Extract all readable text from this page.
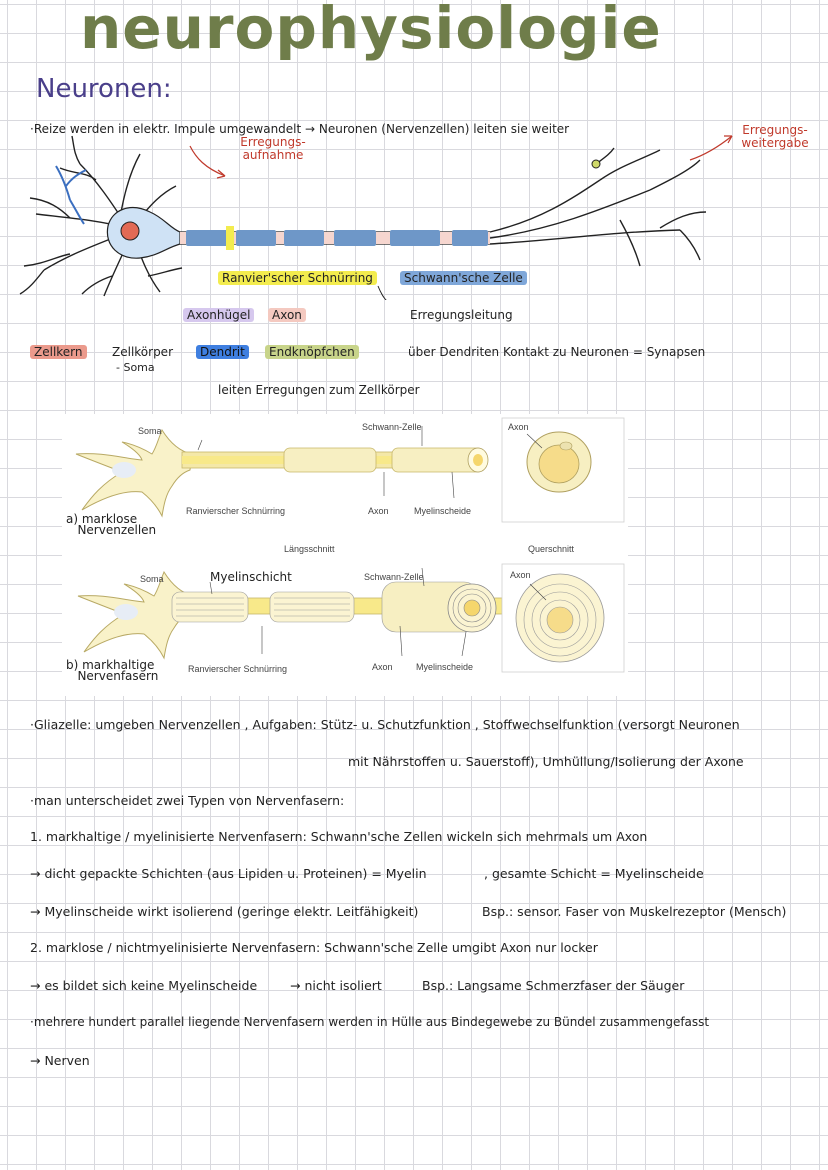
neurophysiologie
Neuronen:
·Reize werden in elektr. Impule umgewandelt → Neuronen (Nervenzellen) leiten sie weiter
Erregungs-
aufnahme
Erregungs-
weitergabe
Ranvier'scher Schnürring	Schwann'sche Zelle
Erregungsleitung
Axonhügel	Axon
Zellkern	Zellkörper
- Soma
Dendrit	Endknöpfchen	über Dendriten Kontakt zu Neuronen = Synapsen
leiten Erregungen zum Zellkörper
Soma	Schwann-Zelle	Axon
Ranvierscher Schnürring	Axon	Myelinscheide
a) marklose
Nervenzellen
Längsschnitt	Querschnitt
Soma	Myelinschicht	Schwann-Zelle	Axon
Ranvierscher Schnürring	Axon	Myelinscheide
b) markhaltige
Nervenfasern
·Gliazelle: umgeben Nervenzellen , Aufgaben: Stütz- u. Schutzfunktion , Stoffwechselfunktion (versorgt Neuronen
mit Nährstoffen u. Sauerstoff), Umhüllung/Isolierung der Axone
·man unterscheidet zwei Typen von Nervenfasern:
1. markhaltige / myelinisierte Nervenfasern: Schwann'sche Zellen wickeln sich mehrmals um Axon
→ dicht gepackte Schichten (aus Lipiden u. Proteinen) = Myelin	, gesamte Schicht = Myelinscheide
→ Myelinscheide wirkt isolierend (geringe elektr. Leitfähigkeit)	Bsp.: sensor. Faser von Muskelrezeptor (Mensch)
2. marklose / nichtmyelinisierte Nervenfasern: Schwann'sche Zelle umgibt Axon nur locker
→ es bildet sich keine Myelinscheide	→ nicht isoliert	Bsp.: Langsame Schmerzfaser der Säuger
·mehrere hundert parallel liegende Nervenfasern werden in Hülle aus Bindegewebe zu Bündel zusammengefasst
→ Nerven
